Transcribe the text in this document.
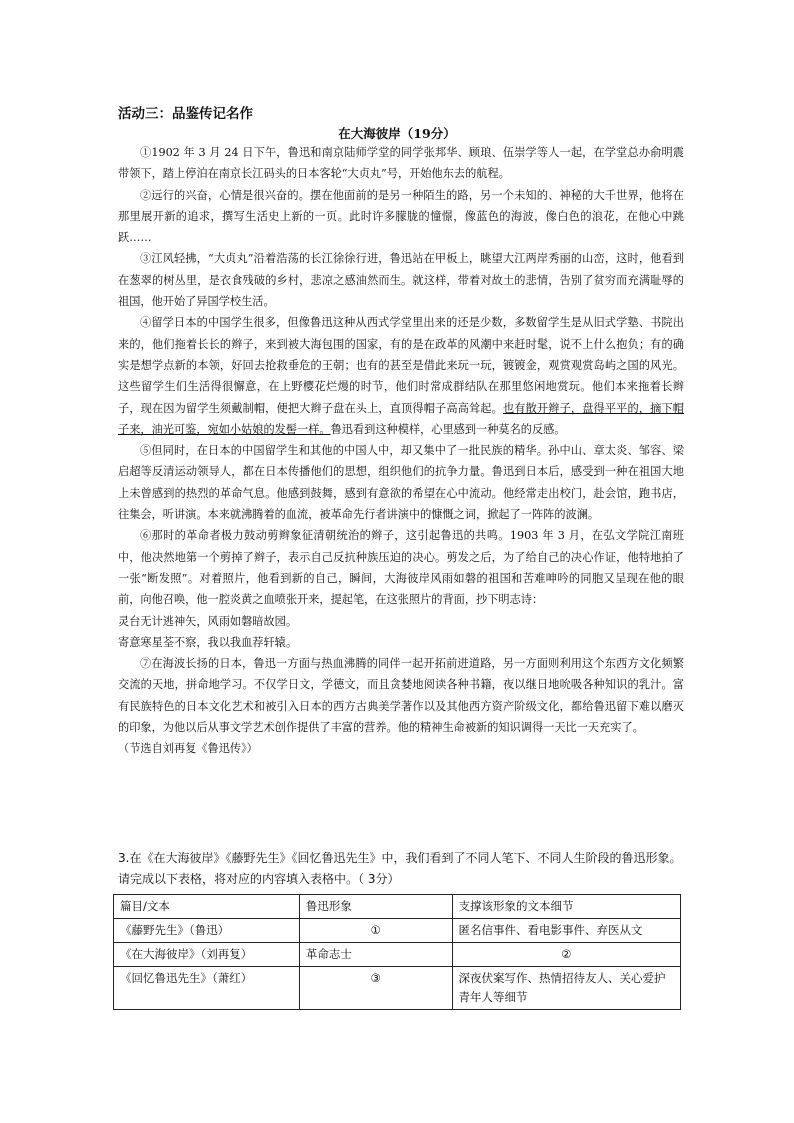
活动三：品鉴传记名作
在大海彼岸（19分）

①1902 年 3 月 24 日下午，鲁迅和南京陆师学堂的同学张邦华、顾琅、伍崇学等人一起，在学堂总办俞明震带领下，踏上停泊在南京长江码头的日本客轮“大贞丸”号，开始他东去的航程。

②远行的兴奋，心情是很兴奋的。摆在他面前的是另一种陌生的路，另一个未知的、神秘的大千世界，他将在那里展开新的追求，撰写生活史上新的一页。此时许多朦胧的憧憬，像蓝色的海波，像白色的浪花，在他心中跳跃……

③江风轻拂，“大贞丸”沿着浩荡的长江徐徐行进，鲁迅站在甲板上，眺望大江两岸秀丽的山峦，这时，他看到在葱翠的树丛里，是衣食残破的乡村，悲凉之感油然而生。就这样，带着对故土的悲情，告别了贫穷而充满耻辱的祖国，他开始了异国学校生活。

④留学日本的中国学生很多，但像鲁迅这种从西式学堂里出来的还是少数，多数留学生是从旧式学塾、书院出来的，他们拖着长长的辫子，来到被大海包围的国家，有的是在政革的风潮中来赶时髦，说不上什么抱负；有的确实是想学点新的本领，好回去抢救垂危的王朝；也有的甚至是借此来玩一玩，镀镀金，观赏观赏岛屿之国的风光。这些留学生们生活得很懈意，在上野樱花烂熳的时节，他们时常成群结队在那里悠闲地赏玩。他们本来拖着长辫子，现在因为留学生须戴制帽，便把大辫子盘在头上，直顶得帽子高高耸起。也有散开辫子，盘得平平的，摘下帽子来，油光可鉴，宛如小姑娘的发髻一样。鲁迅看到这种模样，心里感到一种莫名的反感。

⑤但同时，在日本的中国留学生和其他的中国人中，却又集中了一批民族的精华。孙中山、章太炎、邹容、梁启超等反清运动领导人，都在日本传播他们的思想，组织他们的抗争力量。鲁迅到日本后，感受到一种在祖国大地上未曾感到的热烈的革命气息。他感到鼓舞，感到有意欲的希望在心中流动。他经常走出校门，赴会馆，跑书店，往集会，听讲演。本来就沸腾着的血流，被革命先行者讲演中的慷慨之词，掀起了一阵阵的波澜。

⑥那时的革命者极力鼓动剪辫象征清朝统治的辫子，这引起鲁迅的共鸣。1903 年 3 月，在弘文学院江南班中，他决然地第一个剪掉了辫子，表示自己反抗种族压迫的决心。剪发之后，为了给自己的决心作证，他特地拍了一张“断发照”。对着照片，他看到新的自己，瞬间，大海彼岸风雨如磐的祖国和苦难呻吟的同胞又呈现在他的眼前，向他召唤，他一腔炎黄之血喷张开来，提起笔，在这张照片的背面，抄下明志诗：

灵台无计逃神矢，风雨如磐暗故园。

寄意寒星荃不察，我以我血荐轩辕。

⑦在海波长扬的日本，鲁迅一方面与热血沸腾的同伴一起开拓前进道路，另一方面则利用这个东西方文化频繁交流的天地，拼命地学习。不仅学日文，学德文，而且贪婪地阅读各种书籍，夜以继日地吮吸各种知识的乳汁。富有民族特色的日本文化艺术和被引入日本的西方古典美学著作以及其他西方资产阶级文化，都给鲁迅留下难以磨灭的印象，为他以后从事文学艺术创作提供了丰富的营养。他的精神生命被新的知识调得一天比一天充实了。

（节选自刘再复《鲁迅传》）

3.在《在大海彼岸》《藤野先生》《回忆鲁迅先生》中，我们看到了不同人笔下、不同人生阶段的鲁迅形象。请完成以下表格，将对应的内容填入表格中。（ 3分）
篇目/文本	鲁迅形象	支撑该形象的文本细节
《藤野先生》（鲁迅）	①	匿名信事件、看电影事件、弃医从文
《在大海彼岸》（刘再复）	革命志士	②
《回忆鲁迅先生》（萧红）	③	深夜伏案写作、热情招待友人、关心爱护青年人等细节
